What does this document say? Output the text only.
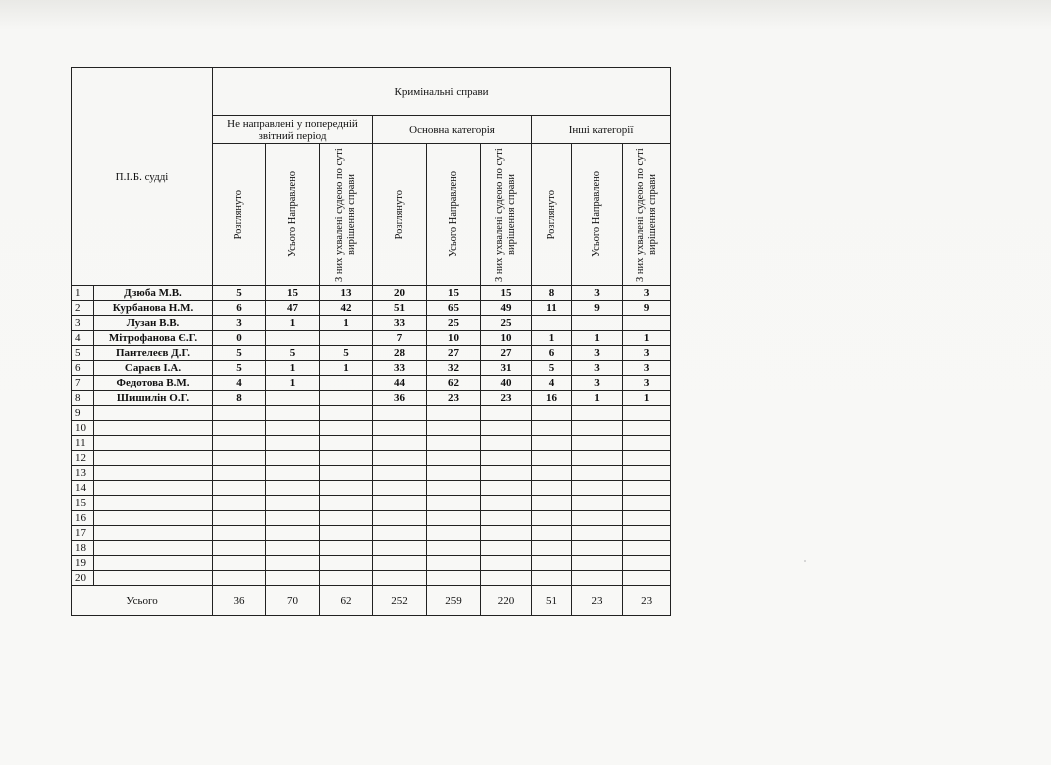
П.І.Б. судді		Кримінальні справи								
		Не направлені у попередній звітний період			Основна категорія			Інші категорії		

		Розглянуто	Усього Направлено	З них ухвалені судеою по суті вирішення справи	Розглянуто	Усього Направлено	З них ухвалені судеою по суті вирішення справи	Розглянуто	Усього Направлено	З них ухвалені судеою по суті вирішення справи

1	Дзюба М.В.	5	15	13	20	15	15	8	3	3
2	Курбанова Н.М.	6	47	42	51	65	49	11	9	9
3	Лузан В.В.	3	1	1	33	25	25			
4	Мітрофанова Є.Г.	0			7	10	10	1	1	1
5	Пантелеєв Д.Г.	5	5	5	28	27	27	6	3	3
6	Сараєв І.А.	5	1	1	33	32	31	5	3	3
7	Федотова В.М.	4	1		44	62	40	4	3	3
8	Шишилін О.Г.	8			36	23	23	16	1	1
9										
10										
11										
12										
13										
14										
15										
16										
17										
18										
19										
20										
Усього		36	70	62	252	259	220	51	23	23
